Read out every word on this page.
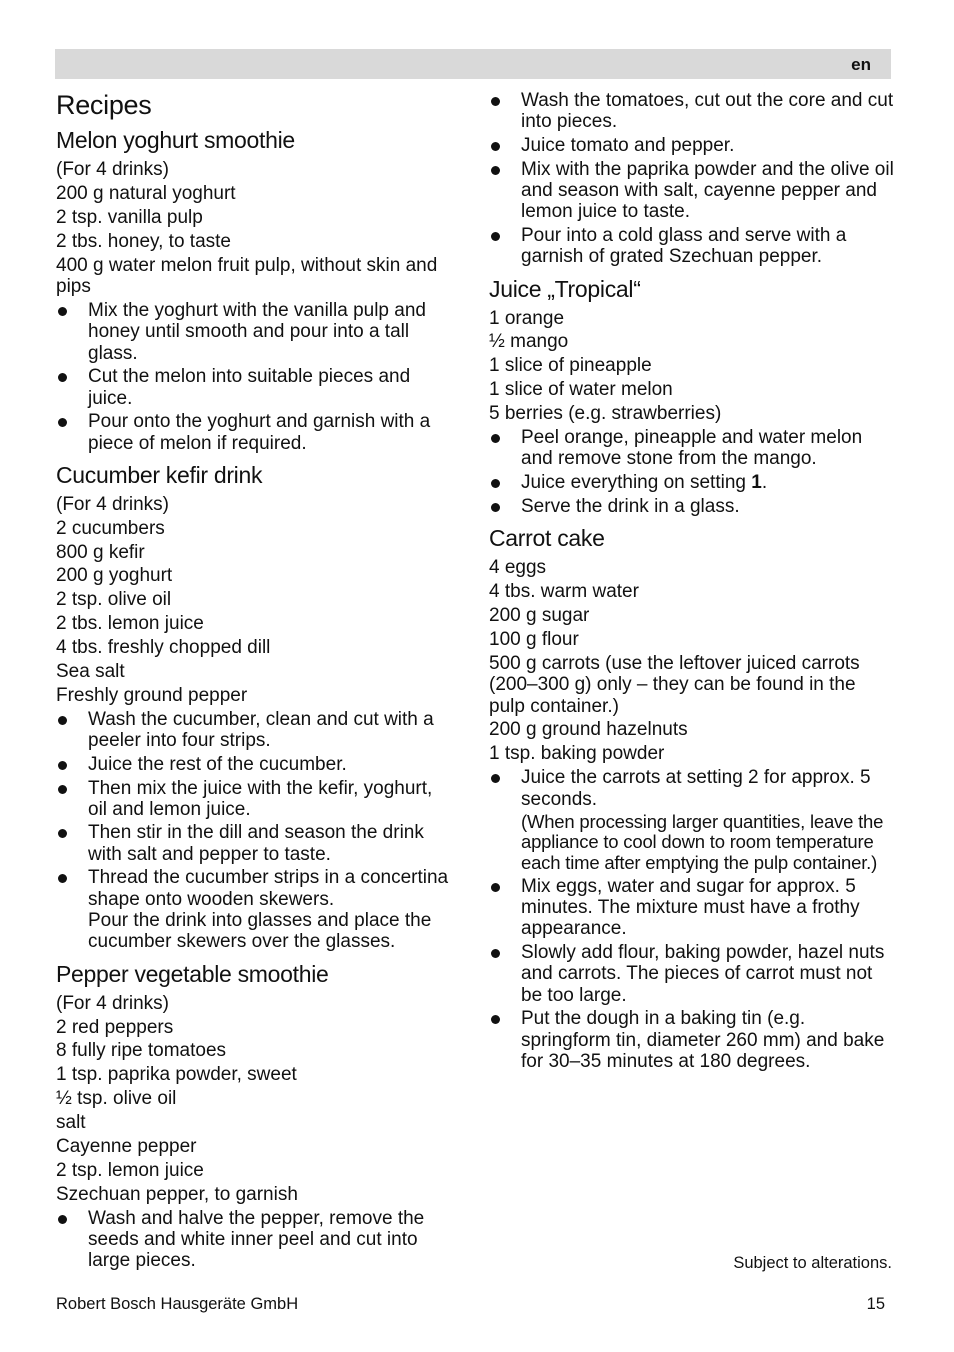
en
Recipes
Melon yoghurt smoothie

(For 4 drinks)

200 g natural yoghurt

2 tsp. vanilla pulp

2 tbs. honey, to taste

400 g water melon fruit pulp, without skin and pips

Mix the yoghurt with the vanilla pulp and honey until smooth and pour into a tall glass.
Cut the melon into suitable pieces and juice.
Pour onto the yoghurt and garnish with a piece of melon if required.
Cucumber kefir drink

(For 4 drinks)

2 cucumbers

800 g kefir

200 g yoghurt

2 tsp. olive oil

2 tbs. lemon juice

4 tbs. freshly chopped dill

Sea salt

Freshly ground pepper

Wash the cucumber, clean and cut with a peeler into four strips.
Juice the rest of the cucumber.
Then mix the juice with the kefir, yoghurt, oil and lemon juice.
Then stir in the dill and season the drink with salt and pepper to taste.
Thread the cucumber strips in a concertina shape onto wooden skewers.
Pour the drink into glasses and place the cucumber skewers over the glasses.
Pepper vegetable smoothie

(For 4 drinks)

2 red peppers

8 fully ripe tomatoes

1 tsp. paprika powder, sweet

½ tsp. olive oil

salt

Cayenne pepper

2 tsp. lemon juice

Szechuan pepper, to garnish

Wash and halve the pepper, remove the seeds and white inner peel and cut into large pieces.
Wash the tomatoes, cut out the core and cut into pieces.
Juice tomato and pepper.
Mix with the paprika powder and the olive oil and season with salt, cayenne pepper and lemon juice to taste.
Pour into a cold glass and serve with a garnish of grated Szechuan pepper.
Juice „Tropical“

1 orange

½ mango

1 slice of pineapple

1 slice of water melon

5 berries (e.g. strawberries)

Peel orange, pineapple and water melon and remove stone from the mango.
Juice everything on setting 1.
Serve the drink in a glass.
Carrot cake

4 eggs

4 tbs. warm water

200 g sugar

100 g flour

500 g carrots (use the leftover juiced carrots (200–300 g) only – they can be found in the pulp container.)

200 g ground hazelnuts

1 tsp. baking powder

Juice the carrots at setting 2 for approx. 5 seconds.
(When processing larger quantities, leave the appliance to cool down to room temperature each time after emptying the pulp container.)
Mix eggs, water and sugar for approx. 5 minutes. The mixture must have a frothy appearance.
Slowly add flour, baking powder, hazel nuts and carrots. The pieces of carrot must not be too large.
Put the dough in a baking tin (e.g. springform tin, diameter 260 mm) and bake for 30–35 minutes at 180 degrees.
Subject to alterations.
Robert Bosch Hausgeräte GmbH	15
